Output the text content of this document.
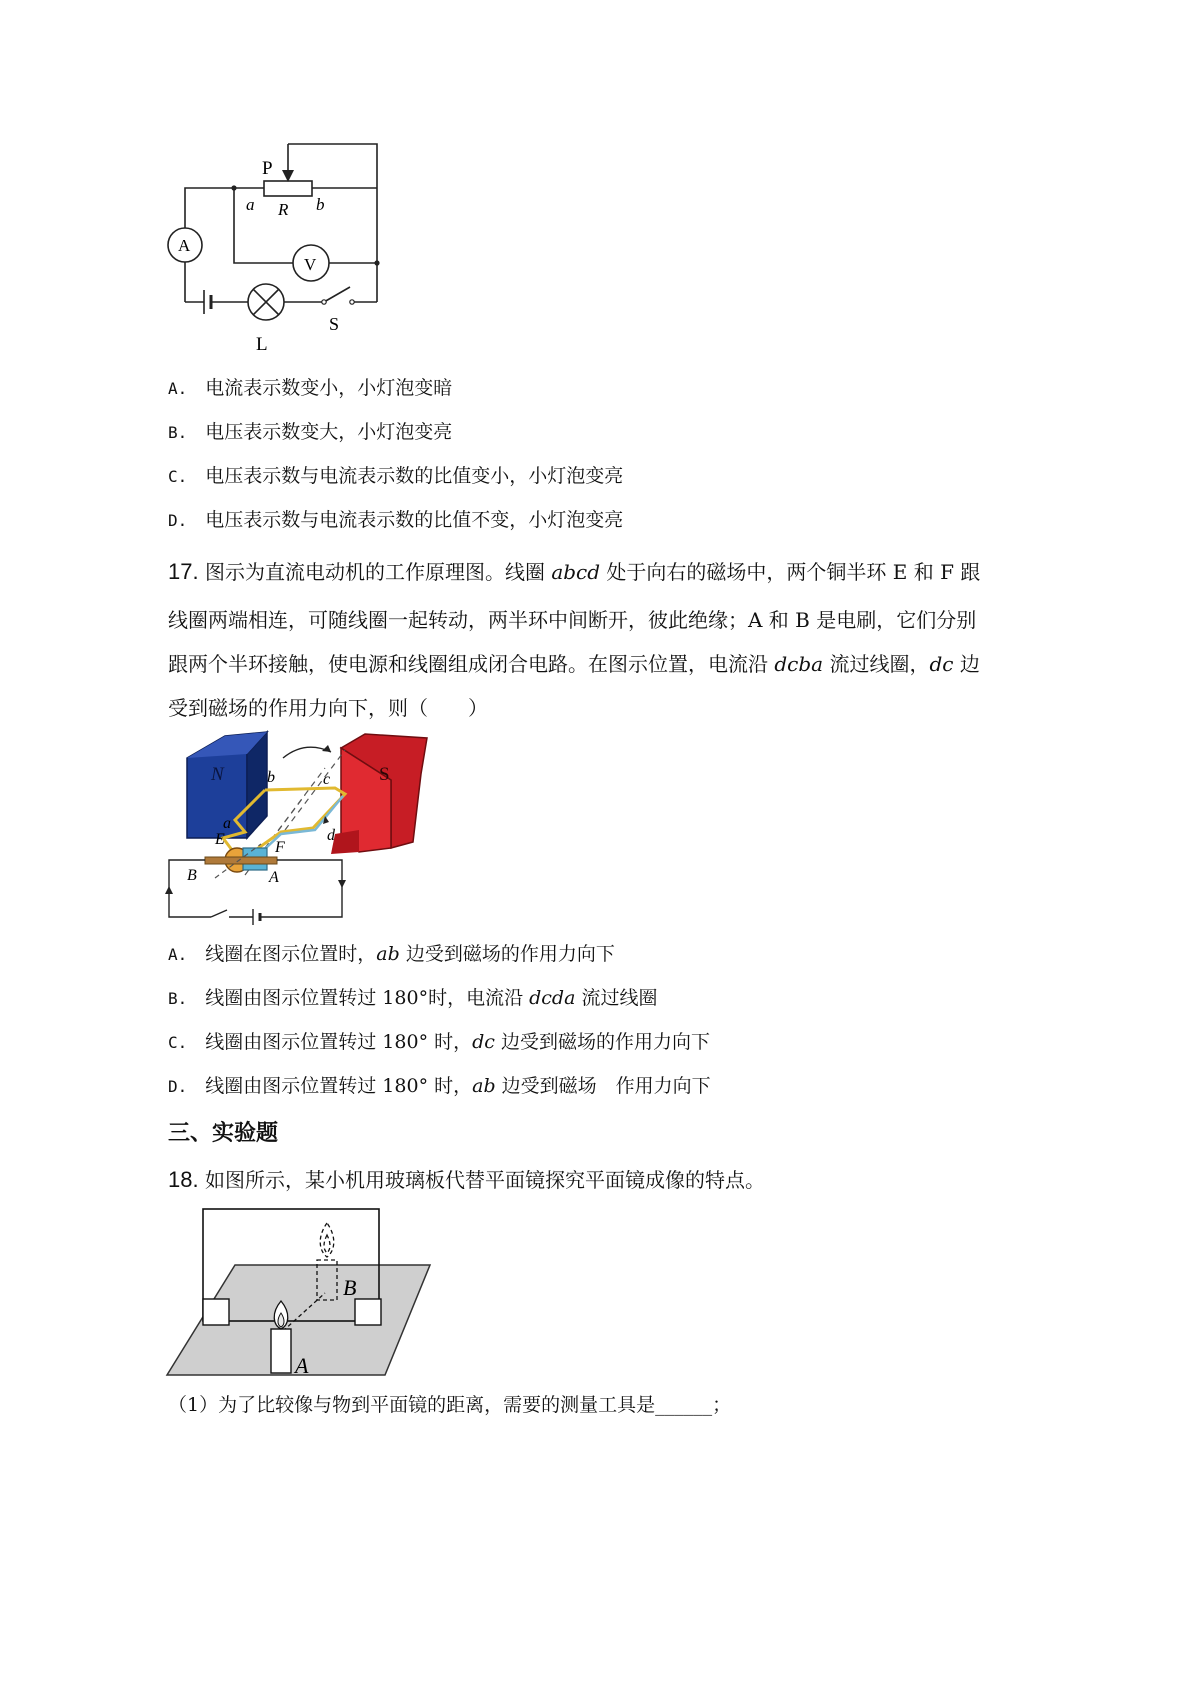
P
a R b
A
V
S
L
A. 电流表示数变小，小灯泡变暗
B. 电压表示数变大，小灯泡变亮
C. 电压表示数与电流表示数的比值变小，小灯泡变亮
D. 电压表示数与电流表示数的比值不变，小灯泡变亮
17. 图示为直流电动机的工作原理图。线圈 abcd 处于向右的磁场中，两个铜半环 E 和 F 跟
线圈两端相连，可随线圈一起转动，两半环中间断开，彼此绝缘；A 和 B 是电刷，它们分别
跟两个半环接触，使电源和线圈组成闭合电路。在图示位置，电流沿 dcba 流过线圈，dc 边
受到磁场的作用力向下，则（　　）
N	S
b	c
a
d
E	F
B	A
A. 线圈在图示位置时，ab 边受到磁场的作用力向下
B. 线圈由图示位置转过 180°时，电流沿 dcda 流过线圈
C. 线圈由图示位置转过 180° 时，dc 边受到磁场的作用力向下
D. 线圈由图示位置转过 180° 时，ab 边受到磁场　作用力向下
三、实验题
18. 如图所示，某小机用玻璃板代替平面镜探究平面镜成像的特点。
B
A
（1）为了比较像与物到平面镜的距离，需要的测量工具是______；
